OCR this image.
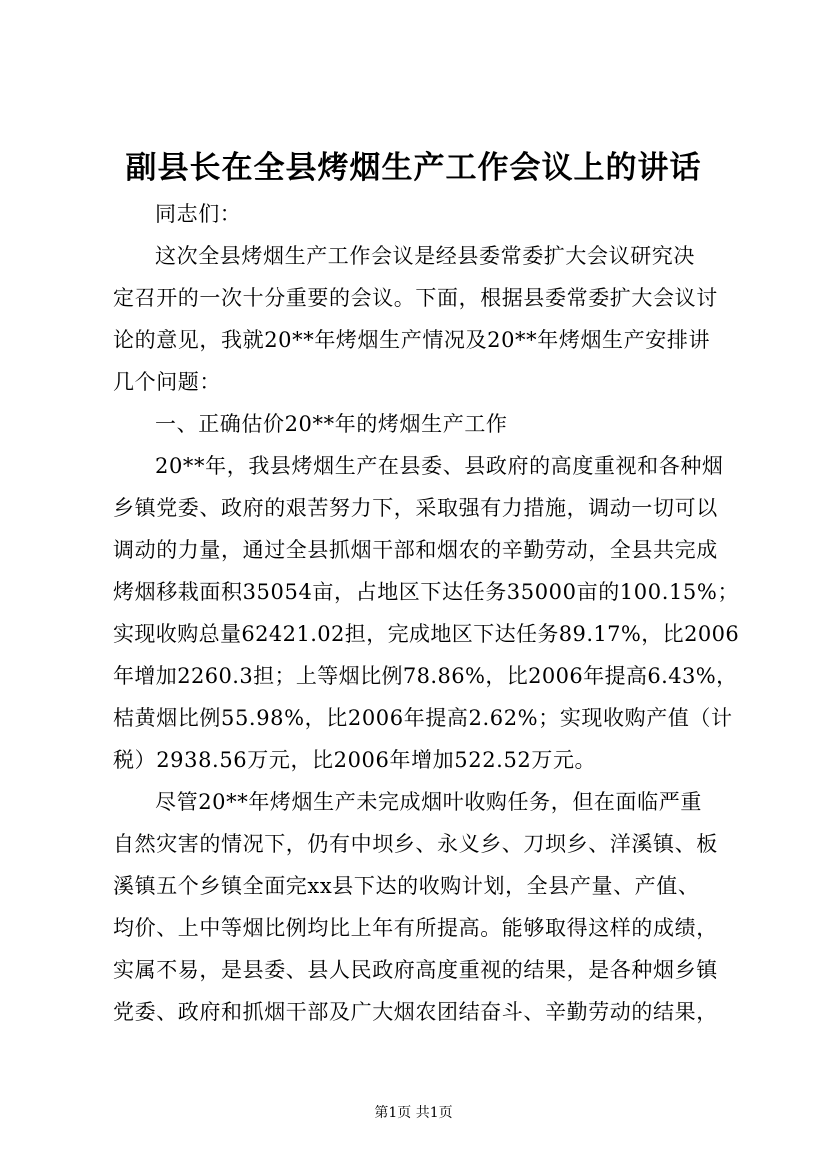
副县长在全县烤烟生产工作会议上的讲话
同志们：
这次全县烤烟生产工作会议是经县委常委扩大会议研究决
定召开的一次十分重要的会议。下面，根据县委常委扩大会议讨
论的意见，我就20**年烤烟生产情况及20**年烤烟生产安排讲
几个问题：
一、正确估价20**年的烤烟生产工作
20**年，我县烤烟生产在县委、县政府的高度重视和各种烟
乡镇党委、政府的艰苦努力下，采取强有力措施，调动一切可以
调动的力量，通过全县抓烟干部和烟农的辛勤劳动，全县共完成
烤烟移栽面积35054亩，占地区下达任务35000亩的100.15%；
实现收购总量62421.02担，完成地区下达任务89.17%，比2006
年增加2260.3担；上等烟比例78.86%，比2006年提高6.43%，
桔黄烟比例55.98%，比2006年提高2.62%；实现收购产值（计
税）2938.56万元，比2006年增加522.52万元。
尽管20**年烤烟生产未完成烟叶收购任务，但在面临严重
自然灾害的情况下，仍有中坝乡、永义乡、刀坝乡、洋溪镇、板
溪镇五个乡镇全面完xx县下达的收购计划，全县产量、产值、
均价、上中等烟比例均比上年有所提高。能够取得这样的成绩，
实属不易，是县委、县人民政府高度重视的结果，是各种烟乡镇
党委、政府和抓烟干部及广大烟农团结奋斗、辛勤劳动的结果，
第1页 共1页
